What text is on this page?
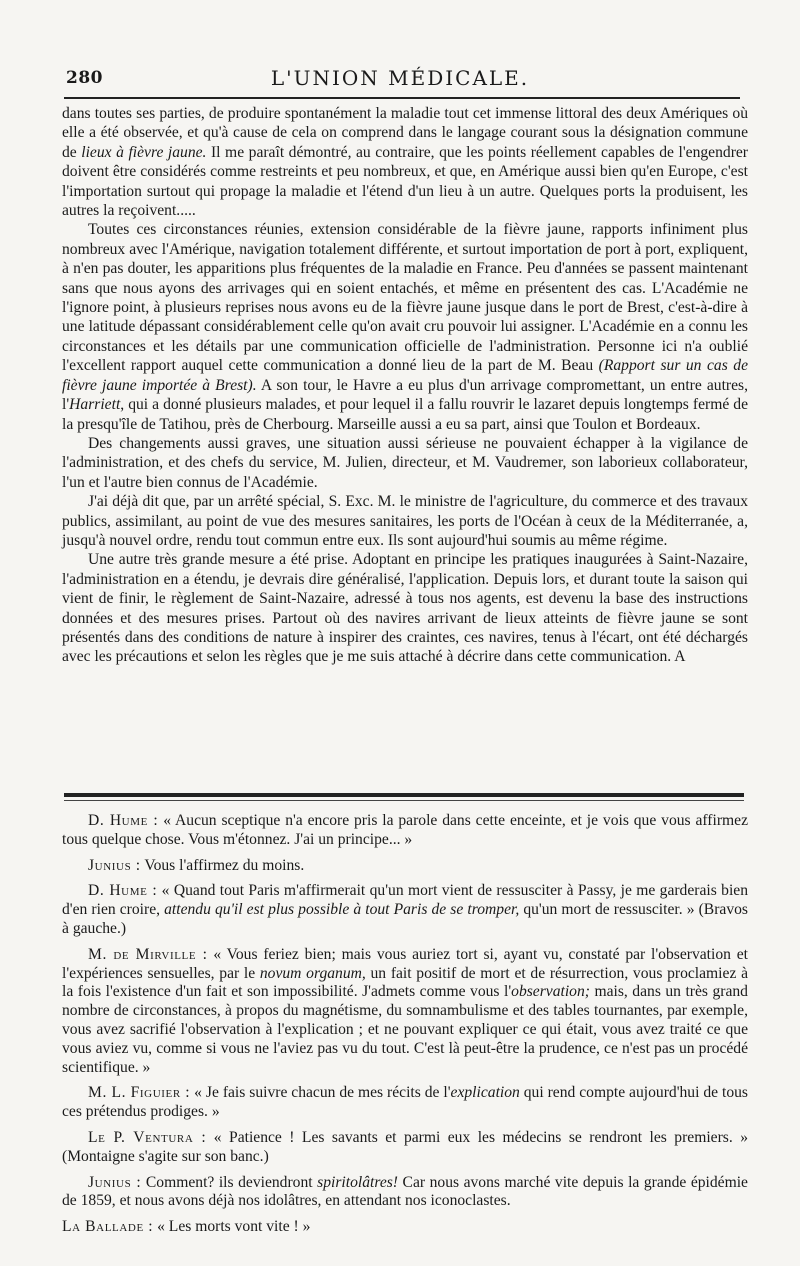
280	L'UNION MÉDICALE.

dans toutes ses parties, de produire spontanément la maladie tout cet immense littoral des deux Amériques où elle a été observée, et qu'à cause de cela on comprend dans le langage courant sous la désignation commune de lieux à fièvre jaune. Il me paraît démontré, au contraire, que les points réellement capables de l'engendrer doivent être considérés comme restreints et peu nombreux, et que, en Amérique aussi bien qu'en Europe, c'est l'importation surtout qui propage la maladie et l'étend d'un lieu à un autre. Quelques ports la produisent, les autres la reçoivent.....

Toutes ces circonstances réunies, extension considérable de la fièvre jaune, rapports infiniment plus nombreux avec l'Amérique, navigation totalement différente, et surtout importation de port à port, expliquent, à n'en pas douter, les apparitions plus fréquentes de la maladie en France. Peu d'années se passent maintenant sans que nous ayons des arrivages qui en soient entachés, et même en présentent des cas. L'Académie ne l'ignore point, à plusieurs reprises nous avons eu de la fièvre jaune jusque dans le port de Brest, c'est-à-dire à une latitude dépassant considérablement celle qu'on avait cru pouvoir lui assigner. L'Académie en a connu les circonstances et les détails par une communication officielle de l'administration. Personne ici n'a oublié l'excellent rapport auquel cette communication a donné lieu de la part de M. Beau (Rapport sur un cas de fièvre jaune importée à Brest). A son tour, le Havre a eu plus d'un arrivage compromettant, un entre autres, l'Harriett, qui a donné plusieurs malades, et pour lequel il a fallu rouvrir le lazaret depuis longtemps fermé de la presqu'île de Tatihou, près de Cherbourg. Marseille aussi a eu sa part, ainsi que Toulon et Bordeaux.

Des changements aussi graves, une situation aussi sérieuse ne pouvaient échapper à la vigilance de l'administration, et des chefs du service, M. Julien, directeur, et M. Vaudremer, son laborieux collaborateur, l'un et l'autre bien connus de l'Académie.

J'ai déjà dit que, par un arrêté spécial, S. Exc. M. le ministre de l'agriculture, du commerce et des travaux publics, assimilant, au point de vue des mesures sanitaires, les ports de l'Océan à ceux de la Méditerranée, a, jusqu'à nouvel ordre, rendu tout commun entre eux. Ils sont aujourd'hui soumis au même régime.

Une autre très grande mesure a été prise. Adoptant en principe les pratiques inaugurées à Saint-Nazaire, l'administration en a étendu, je devrais dire généralisé, l'application. Depuis lors, et durant toute la saison qui vient de finir, le règlement de Saint-Nazaire, adressé à tous nos agents, est devenu la base des instructions données et des mesures prises. Partout où des navires arrivant de lieux atteints de fièvre jaune se sont présentés dans des conditions de nature à inspirer des craintes, ces navires, tenus à l'écart, ont été déchargés avec les précautions et selon les règles que je me suis attaché à décrire dans cette communication. A

D. Hume : « Aucun sceptique n'a encore pris la parole dans cette enceinte, et je vois que vous affirmez tous quelque chose. Vous m'étonnez. J'ai un principe... »

Junius : Vous l'affirmez du moins.

D. Hume : « Quand tout Paris m'affirmerait qu'un mort vient de ressusciter à Passy, je me garderais bien d'en rien croire, attendu qu'il est plus possible à tout Paris de se tromper, qu'un mort de ressusciter. » (Bravos à gauche.)

M. de Mirville : « Vous feriez bien; mais vous auriez tort si, ayant vu, constaté par l'observation et l'expériences sensuelles, par le novum organum, un fait positif de mort et de résurrection, vous proclamiez à la fois l'existence d'un fait et son impossibilité. J'admets comme vous l'observation; mais, dans un très grand nombre de circonstances, à propos du magnétisme, du somnambulisme et des tables tournantes, par exemple, vous avez sacrifié l'observation à l'explication ; et ne pouvant expliquer ce qui était, vous avez traité ce que vous aviez vu, comme si vous ne l'aviez pas vu du tout. C'est là peut-être la prudence, ce n'est pas un procédé scientifique. »

M. L. Figuier : « Je fais suivre chacun de mes récits de l'explication qui rend compte aujourd'hui de tous ces prétendus prodiges. »

Le P. Ventura : « Patience ! Les savants et parmi eux les médecins se rendront les premiers. » (Montaigne s'agite sur son banc.)

Junius : Comment? ils deviendront spiritolâtres! Car nous avons marché vite depuis la grande épidémie de 1859, et nous avons déjà nos idolâtres, en attendant nos iconoclastes.

La Ballade : « Les morts vont vite ! »
